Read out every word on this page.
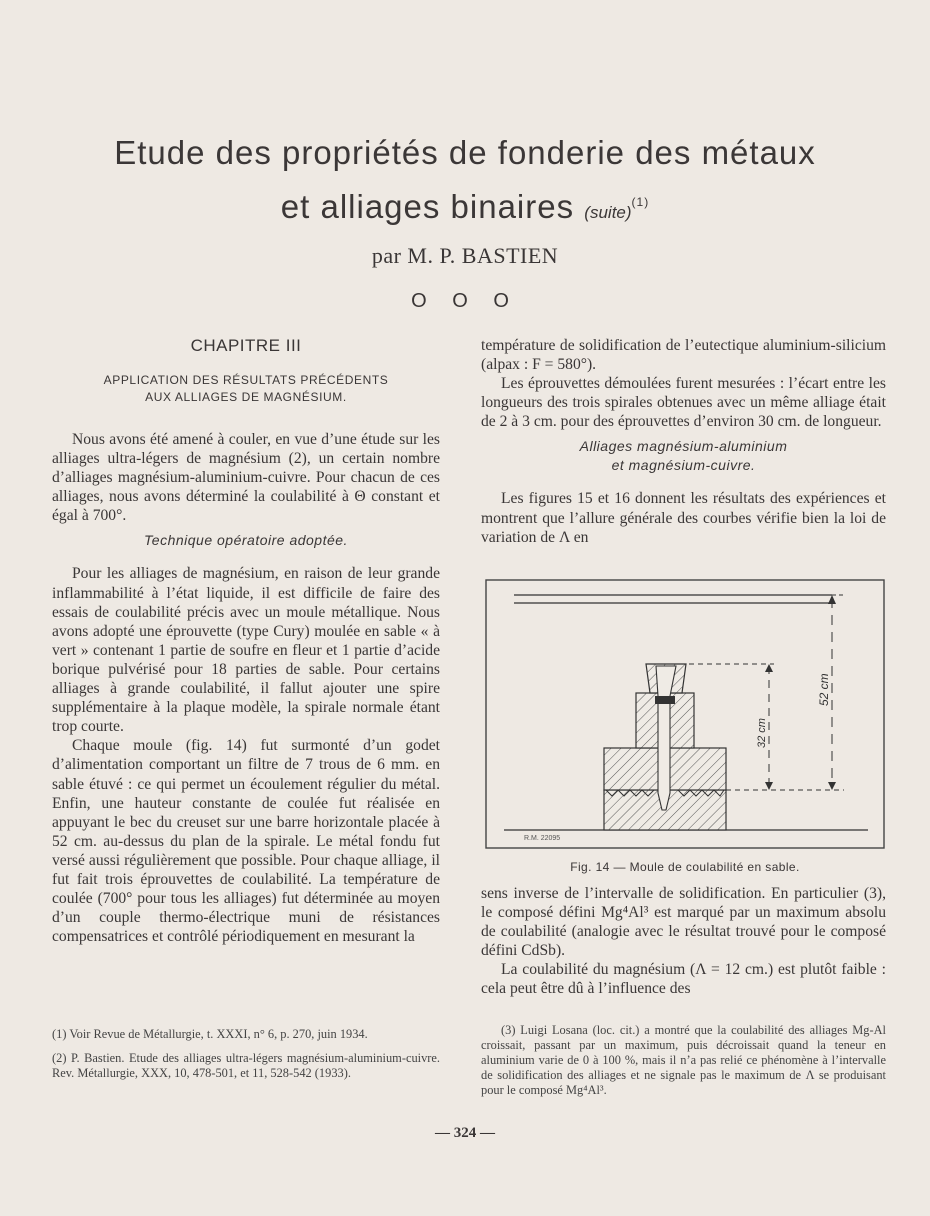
Etude des propriétés de fonderie des métaux
et alliages binaires (suite)$^{(1)}$
par M. P. BASTIEN
O O O

CHAPITRE III

APPLICATION DES RÉSULTATS PRÉCÉDENTS
AUX ALLIAGES DE MAGNÉSIUM.

Nous avons été amené à couler, en vue d’une étude sur les alliages ultra-légers de magnésium (2), un certain nombre d’alliages magnésium-aluminium-cuivre. Pour chacun de ces alliages, nous avons déterminé la coulabilité à Θ constant et égal à 700°.

Technique opératoire adoptée.

Pour les alliages de magnésium, en raison de leur grande inflammabilité à l’état liquide, il est difficile de faire des essais de coulabilité précis avec un moule métallique. Nous avons adopté une éprouvette (type Cury) moulée en sable « à vert » contenant 1 partie de soufre en fleur et 1 partie d’acide borique pulvérisé pour 18 parties de sable. Pour certains alliages à grande coulabilité, il fallut ajouter une spire supplémentaire à la plaque modèle, la spirale normale étant trop courte.

Chaque moule (fig. 14) fut surmonté d’un godet d’alimentation comportant un filtre de 7 trous de 6 mm. en sable étuvé : ce qui permet un écoulement régulier du métal. Enfin, une hauteur constante de coulée fut réalisée en appuyant le bec du creuset sur une barre horizontale placée à 52 cm. au-dessus du plan de la spirale. Le métal fondu fut versé aussi régulièrement que possible. Pour chaque alliage, il fut fait trois éprouvettes de coulabilité. La température de coulée (700° pour tous les alliages) fut déterminée au moyen d’un couple thermo-électrique muni de résistances compensatrices et contrôlé périodiquement en mesurant la

(1) Voir Revue de Métallurgie, t. XXXI, n° 6, p. 270, juin 1934.

(2) P. Bastien. Etude des alliages ultra-légers magnésium-aluminium-cuivre. Rev. Métallurgie, XXX, 10, 478-501, et 11, 528-542 (1933).

température de solidification de l’eutectique aluminium-silicium (alpax : F = 580°).

Les éprouvettes démoulées furent mesurées : l’écart entre les longueurs des trois spirales obtenues avec un même alliage était de 2 à 3 cm. pour des éprouvettes d’environ 30 cm. de longueur.

Alliages magnésium-aluminium
et magnésium-cuivre.

Les figures 15 et 16 donnent les résultats des expériences et montrent que l’allure générale des courbes vérifie bien la loi de variation de Λ en

R.M. 22095
32 cm
52 cm
Fig. 14 — Moule de coulabilité en sable.

sens inverse de l’intervalle de solidification. En particulier (3), le composé défini Mg⁴Al³ est marqué par un maximum absolu de coulabilité (analogie avec le résultat trouvé pour le composé défini CdSb).

La coulabilité du magnésium (Λ = 12 cm.) est plutôt faible : cela peut être dû à l’influence des

(3) Luigi Losana (loc. cit.) a montré que la coulabilité des alliages Mg-Al croissait, passant par un maximum, puis décroissait quand la teneur en aluminium varie de 0 à 100 %, mais il n’a pas relié ce phénomène à l’intervalle de solidification des alliages et ne signale pas le maximum de Λ se produisant pour le composé Mg⁴Al³.

— 324 —
